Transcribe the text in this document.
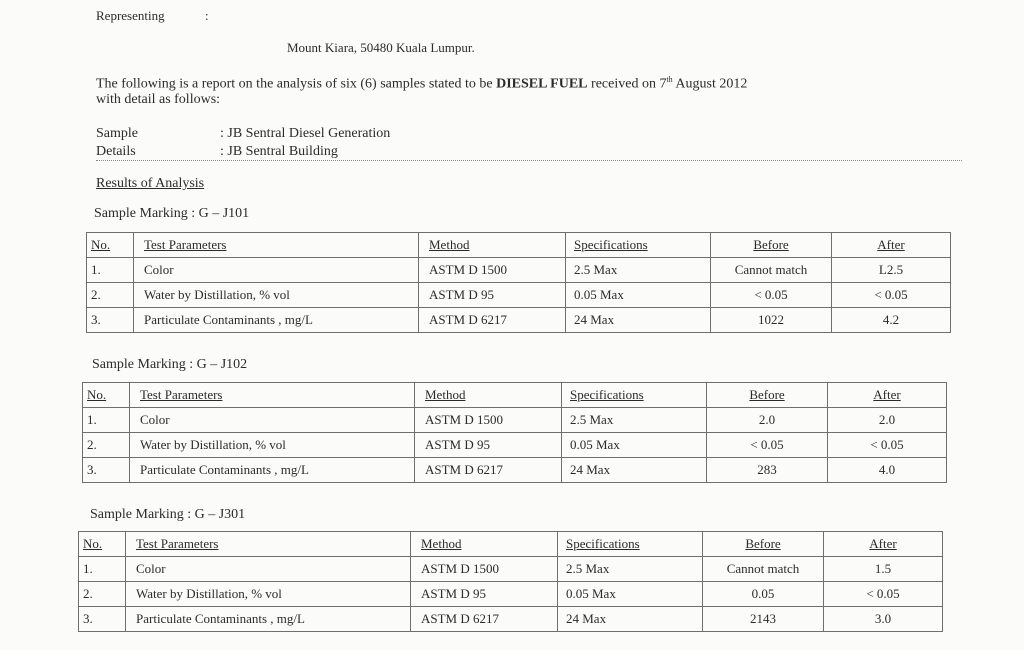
Representing	:
Mount Kiara, 50480 Kuala Lumpur.
The following is a report on the analysis of six (6) samples stated to be DIESEL FUEL received on 7th August 2012
with detail as follows:
Sample	: JB Sentral Diesel Generation
Details	: JB Sentral Building
Results of Analysis
Sample Marking : G – J101
No.	Test Parameters	Method	Specifications	Before	After
1.	Color	ASTM D 1500	2.5 Max	Cannot match	L2.5
2.	Water by Distillation, % vol	ASTM D 95	0.05 Max	< 0.05	< 0.05
3.	Particulate Contaminants , mg/L	ASTM D 6217	24 Max	1022	4.2
Sample Marking : G – J102
No.	Test Parameters	Method	Specifications	Before	After
1.	Color	ASTM D 1500	2.5 Max	2.0	2.0
2.	Water by Distillation, % vol	ASTM D 95	0.05 Max	< 0.05	< 0.05
3.	Particulate Contaminants , mg/L	ASTM D 6217	24 Max	283	4.0
Sample Marking : G – J301
No.	Test Parameters	Method	Specifications	Before	After
1.	Color	ASTM D 1500	2.5 Max	Cannot match	1.5
2.	Water by Distillation, % vol	ASTM D 95	0.05 Max	0.05	< 0.05
3.	Particulate Contaminants , mg/L	ASTM D 6217	24 Max	2143	3.0
